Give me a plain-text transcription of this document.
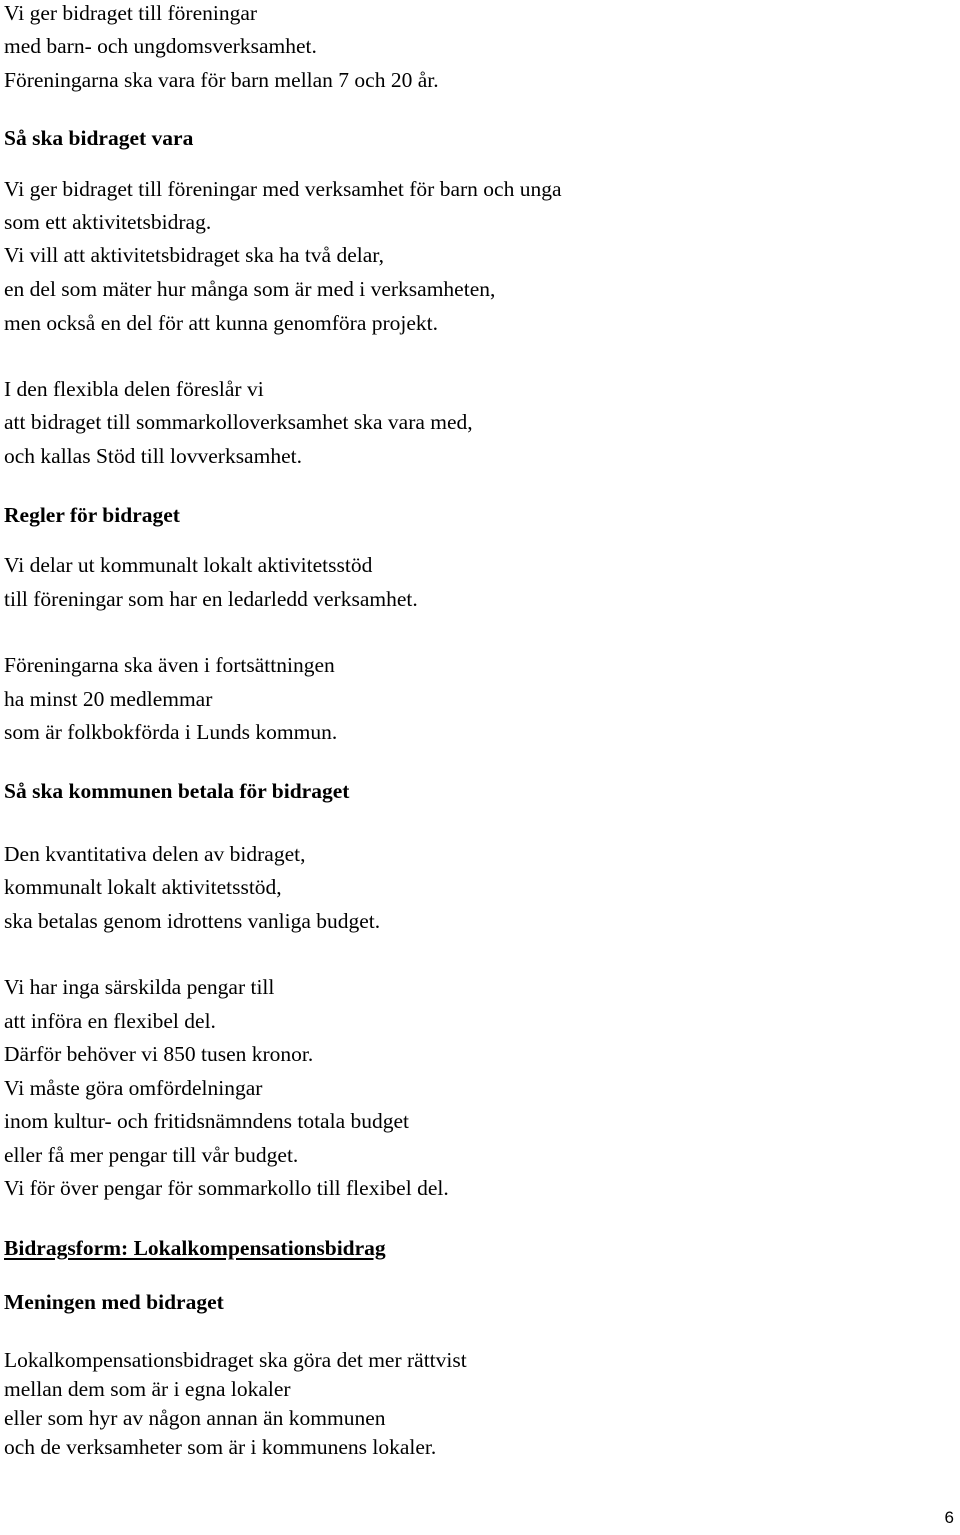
Vi ger bidraget till föreningar
med barn- och ungdomsverksamhet.
Föreningarna ska vara för barn mellan 7 och 20 år.
Så ska bidraget vara
Vi ger bidraget till föreningar med verksamhet för barn och unga
som ett aktivitetsbidrag.
Vi vill att aktivitetsbidraget ska ha två delar,
en del som mäter hur många som är med i verksamheten,
men också en del för att kunna genomföra projekt.
I den flexibla delen föreslår vi
att bidraget till sommarkolloverksamhet ska vara med,
och kallas Stöd till lovverksamhet.
Regler för bidraget
Vi delar ut kommunalt lokalt aktivitetsstöd
till föreningar som har en ledarledd verksamhet.
Föreningarna ska även i fortsättningen
ha minst 20 medlemmar
som är folkbokförda i Lunds kommun.
Så ska kommunen betala för bidraget
Den kvantitativa delen av bidraget,
kommunalt lokalt aktivitetsstöd,
ska betalas genom idrottens vanliga budget.
Vi har inga särskilda pengar till
att införa en flexibel del.
Därför behöver vi 850 tusen kronor.
Vi måste göra omfördelningar
inom kultur- och fritidsnämndens totala budget
eller få mer pengar till vår budget.
Vi för över pengar för sommarkollo till flexibel del.
Bidragsform: Lokalkompensationsbidrag
Meningen med bidraget
Lokalkompensationsbidraget ska göra det mer rättvist
mellan dem som är i egna lokaler
eller som hyr av någon annan än kommunen
och de verksamheter som är i kommunens lokaler.
6
